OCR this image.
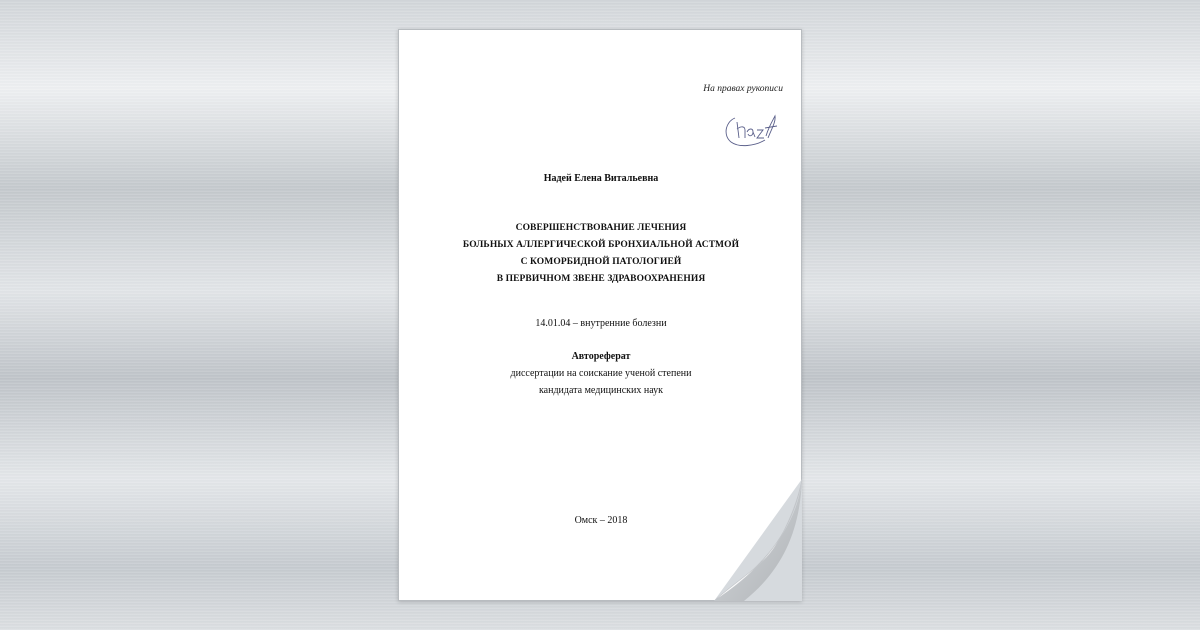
На правах рукописи
Надей Елена Витальевна
СОВЕРШЕНСТВОВАНИЕ ЛЕЧЕНИЯ
БОЛЬНЫХ АЛЛЕРГИЧЕСКОЙ БРОНХИАЛЬНОЙ АСТМОЙ
С КОМОРБИДНОЙ ПАТОЛОГИЕЙ
В ПЕРВИЧНОМ ЗВЕНЕ ЗДРАВООХРАНЕНИЯ
14.01.04 – внутренние болезни
Автореферат
диссертации на соискание ученой степени
кандидата медицинских наук
Омск – 2018
